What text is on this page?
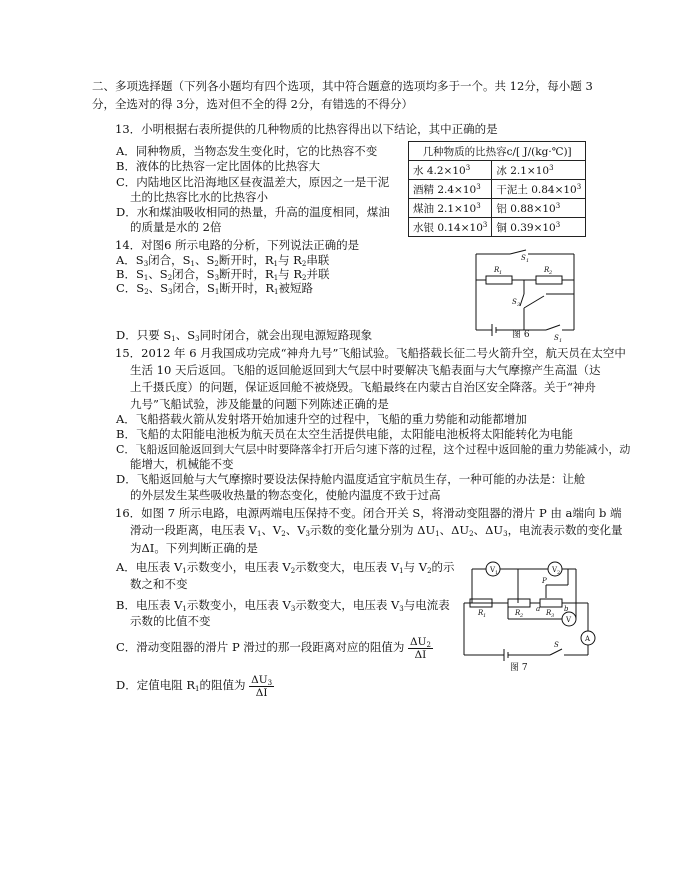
二、多项选择题（下列各小题均有四个选项，其中符合题意的选项均多于一个。共 12分，每小题 3
分，全选对的得 3分，选对但不全的得 2分，有错选的不得分）
13．小明根据右表所提供的几种物质的比热容得出以下结论，其中正确的是
A．同种物质，当物态发生变化时，它的比热容不变
B．液体的比热容一定比固体的比热容大
C．内陆地区比沿海地区昼夜温差大，原因之一是干泥
土的比热容比水的比热容小
D．水和煤油吸收相同的热量，升高的温度相同，煤油
的质量是水的 2倍
几种物质的比热容c/[ J/(kg·℃)]	
水 $4.2\times 10^3$	冰 $2.1\times 10^3$
酒精 $2.4\times 10^3$	干泥土 $0.84\times 10^3$
煤油 $2.1\times 10^3$	铝 $0.88\times 10^3$
水银 $0.14\times 10^3$	铜 $0.39\times 10^3$
14．对图6 所示电路的分析，下列说法正确的是
A．$S_3$闭合，$S_1$、$S_2$断开时，$R_1$与 $R_2$串联
B．$S_1$、$S_2$闭合，$S_3$断开时，$R_1$与 $R_2$并联
C．$S_2$、$S_3$闭合，$S_1$断开时，$R_1$被短路
D．只要 $S_1$、$S_3$同时闭合，就会出现电源短路现象
R 1	R 2
S 1
S 3
S 1
图 6
15．2012 年 6 月我国成功完成“神舟九号”飞船试验。飞船搭载长征二号火箭升空，航天员在太空中
生活 10 天后返回。飞船的返回舱返回到大气层中时要解决飞船表面与大气摩擦产生高温（达
上千摄氏度）的问题，保证返回舱不被烧毁。飞船最终在内蒙古自治区安全降落。关于“神舟
九号”飞船试验，涉及能量的问题下列陈述正确的是
A．飞船搭载火箭从发射塔开始加速升空的过程中，飞船的重力势能和动能都增加
B．飞船的太阳能电池板为航天员在太空生活提供电能，太阳能电池板将太阳能转化为电能
C．飞船返回舱返回到大气层中时要降落伞打开后匀速下落的过程，这个过程中返回舱的重力势能减小，动
能增大，机械能不变
D．飞船返回舱与大气摩擦时要设法保持舱内温度适宜宇航员生存，一种可能的办法是：让舱
的外层发生某些吸收热量的物态变化，使舱内温度不致于过高
16．如图 7 所示电路，电源两端电压保持不变。闭合开关 S，将滑动变阻器的滑片 P 由 a端向 b 端
滑动一段距离，电压表 $V_1$、$V_2$、$V_3$示数的变化量分别为 $\Delta U_1$、$\Delta U_2$、$\Delta U_3$，电流表示数的变化量
为ΔI。下列判断正确的是
A．电压表 $V_1$示数变小，电压表 $V_2$示数变大，电压表 $V_1$与 $V_2$的示
数之和不变
B．电压表 $V_1$示数变小，电压表 $V_3$示数变大，电压表 $V_3$与电流表
示数的比值不变
C．滑动变阻器的滑片 P 滑过的那一段距离对应的阻值为 $\frac{\Delta U_2}{\Delta I}$
D．定值电阻 $R_1$的阻值为 $\frac{\Delta U_3}{\Delta I}$
V 1	V 2
V
A
R 1	R 2	R 3
P
a	b
S
图 7
